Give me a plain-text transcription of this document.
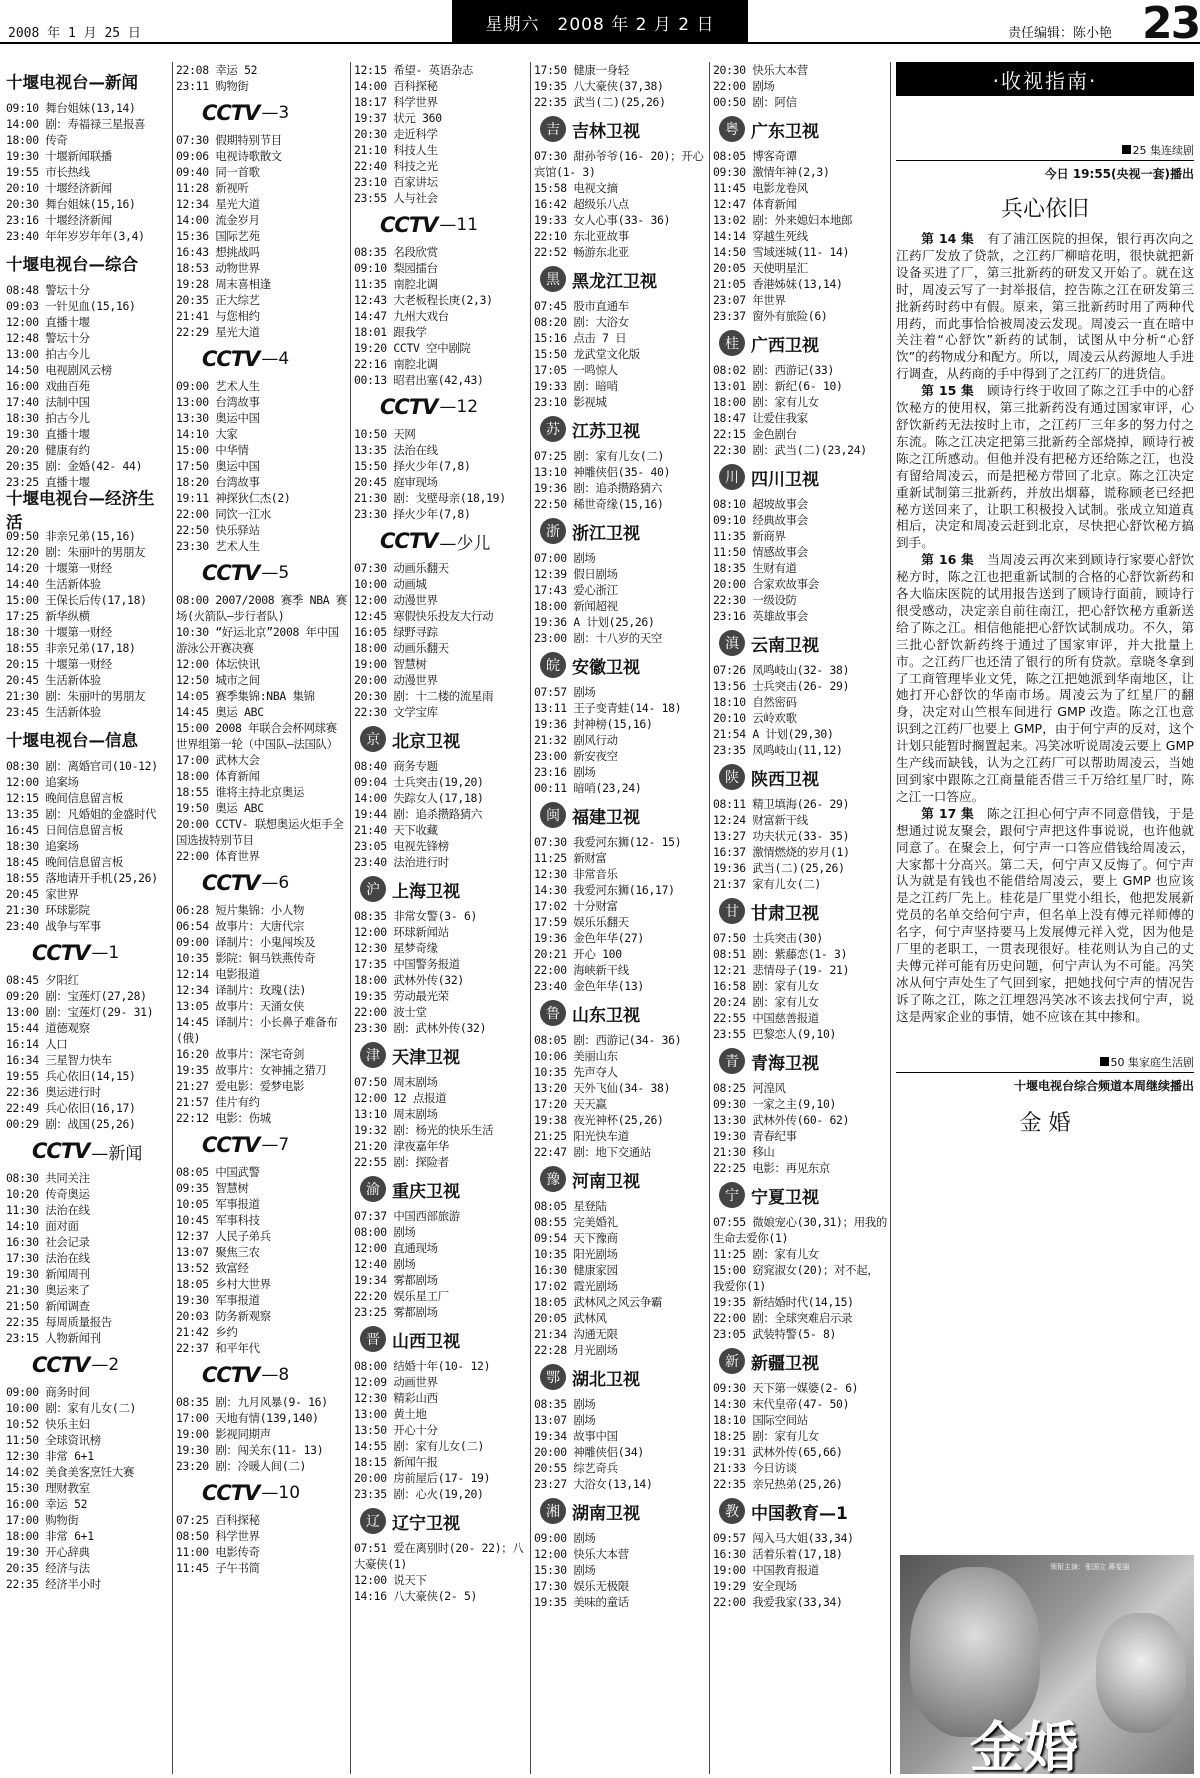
2008 年 1 月 25 日	星期六　2008 年 2 月 2 日	责任编辑：陈小艳 23
十堰电视台—新闻
09:10 舞台姐妹(13,14)
14:00 剧：寿福禄三星报喜
18:00 传奇
19:30 十堰新闻联播
19:55 市长热线
20:10 十堰经济新闻
20:30 舞台姐妹(15,16)
23:16 十堰经济新闻
23:40 年年岁岁年年(3,4)
十堰电视台—综合
08:48 警坛十分
09:03 一针见血(15,16)
12:00 直播十堰
12:48 警坛十分
13:00 拍古今儿
14:50 电视剧风云榜
16:00 戏曲百苑
17:40 法制中国
18:30 拍古今儿
19:30 直播十堰
20:20 健康有约
20:35 剧：金婚(42- 44)
23:25 直播十堰
十堰电视台—经济生活
09:50 非亲兄弟(15,16)
12:20 剧：朱丽叶的男朋友
14:20 十堰第一财经
14:40 生活新体验
15:00 王保长后传(17,18)
17:25 新华纵横
18:30 十堰第一财经
18:55 非亲兄弟(17,18)
20:15 十堰第一财经
20:45 生活新体验
21:30 剧：朱丽叶的男朋友
23:45 生活新体验
十堰电视台—信息
08:30 剧：离婚官司(10-12)
12:00 追案场
12:15 晚间信息留言板
13:35 剧：凡婚姐的金盛时代
16:45 日间信息留言板
18:30 追案场
18:45 晚间信息留言板
18:55 落地请开手机(25,26)
20:45 家世界
21:30 环球影院
23:40 战争与军事
CCTV —1
08:45 夕阳红
09:20 剧：宝莲灯(27,28)
13:00 剧：宝莲灯(29- 31)
15:44 道德观察
16:14 人口
16:34 三星智力快车
19:55 兵心依旧(14,15)
22:36 奥运进行时
22:49 兵心依旧(16,17)
00:29 剧：战国(25,26)
CCTV —新闻
08:30 共同关注
10:20 传奇奥运
11:30 法治在线
14:10 面对面
16:30 社会记录
17:30 法治在线
19:30 新闻周刊
21:30 奥运来了
21:50 新闻调查
22:35 每周质量报告
23:15 人物新闻刊
CCTV —2
09:00 商务时间
10:00 剧：家有儿女(二)
10:52 快乐主妇
11:50 全球资讯榜
12:30 非常 6+1
14:02 美食美客烹饪大赛
15:30 理财教室
16:00 幸运 52
17:00 购物街
18:00 非常 6+1
19:30 开心辞典
20:35 经济与法
22:35 经济半小时
22:08 幸运 52
23:11 购物街
CCTV —3
07:30 假期特别节目
09:06 电视诗歌散文
09:40 同一首歌
11:28 新视听
12:34 星光大道
14:00 流金岁月
15:36 国际艺苑
16:43 想挑战吗
18:53 动物世界
19:28 周末喜相逢
20:35 正大综艺
21:41 与您相约
22:29 星光大道
CCTV —4
09:00 艺术人生
13:00 台湾故事
13:30 奥运中国
14:10 大家
15:00 中华情
17:50 奥运中国
18:20 台湾故事
19:11 神探狄仁杰(2)
22:00 同饮一江水
22:50 快乐驿站
23:30 艺术人生
CCTV —5
08:00 2007/2008 赛季 NBA 赛场(火箭队—步行者队)
10:30 “好运北京”2008 年中国游泳公开赛决赛
12:00 体坛快讯
12:50 城市之间
14:05 赛季集锦:NBA 集锦
14:45 奥运 ABC
15:00 2008 年联合会杯网球赛世界组第一轮（中国队—法国队）
17:00 武林大会
18:00 体育新闻
18:55 谁将主持北京奥运
19:50 奥运 ABC
20:00 CCTV- 联想奥运火炬手全国选拔特别节目
22:00 体育世界
CCTV —6
06:28 短片集锦：小人物
06:54 故事片：大唐代宗
09:00 译制片：小鬼闯埃及
10:35 影院：铜马铁燕传奇
12:14 电影报道
12:34 译制片：玫瑰(法)
13:05 故事片：天涌女侠
14:45 译制片：小长鼻子难备布(俄)
16:20 故事片：深宅奇剑
19:35 故事片：女神捕之猎刀
21:27 爱电影：爱梦电影
21:57 佳片有约
22:12 电影：伤城
CCTV —7
08:05 中国武警
09:35 智慧树
10:05 军事报道
10:45 军事科技
12:37 人民子弟兵
13:07 聚焦三农
13:52 致富经
18:05 乡村大世界
19:30 军事报道
20:03 防务新观察
21:42 乡约
22:37 和平年代
CCTV —8
08:35 剧：九月风暴(9- 16)
17:00 天地有情(139,140)
19:00 影视同期声
19:30 剧：闯关东(11- 13)
23:20 剧：冷暖人间(二)
CCTV —10
07:25 百科探秘
08:50 科学世界
11:00 电影传奇
11:45 子午书简
12:15 希望- 英语杂志
14:00 百科探秘
18:17 科学世界
19:37 状元 360
20:30 走近科学
21:10 科技人生
22:40 科技之光
23:10 百家讲坛
23:55 人与社会
CCTV —11
08:35 名段欣赏
09:10 梨园擂台
11:35 南腔北调
12:43 大老板程长庚(2,3)
14:47 九州大戏台
18:01 跟我学
19:20 CCTV 空中剧院
22:16 南腔北调
00:13 昭君出塞(42,43)
CCTV —12
10:50 天网
13:35 法治在线
15:50 择火少年(7,8)
20:45 庭审现场
21:30 剧：戈壁母亲(18,19)
23:30 择火少年(7,8)
CCTV —少儿
07:30 动画乐翻天
10:00 动画城
12:00 动漫世界
12:45 寒假快乐投友大行动
16:05 绿野寻踪
18:00 动画乐翻天
19:00 智慧树
20:00 动漫世界
20:30 剧：十二楼的流星雨
22:30 文学宝库
京 北京卫视
08:40 商务专题
09:04 士兵突击(19,20)
14:00 失踪女人(17,18)
19:44 剧：追杀攒路猜六
21:40 天下收藏
23:05 电视先锋榜
23:40 法治进行时
沪 上海卫视
08:35 非常女警(3- 6)
12:00 环球新闻站
12:30 星梦奇缘
17:35 中国警务报道
18:00 武林外传(32)
19:35 劳动最光荣
22:00 波士堂
23:30 剧：武林外传(32)
津 天津卫视
07:50 周末剧场
12:00 12 点报道
13:10 周末剧场
19:32 剧：杨光的快乐生活
21:20 津夜嘉年华
22:55 剧：探险者
渝 重庆卫视
07:37 中国西部旅游
08:00 剧场
12:00 直通现场
12:40 剧场
19:34 雾都剧场
22:20 娱乐星工厂
23:25 雾都剧场
晋 山西卫视
08:00 结婚十年(10- 12)
12:09 动画世界
12:30 精彩山西
13:00 黄土地
13:50 开心十分
14:55 剧：家有儿女(二)
18:15 新闻午报
20:00 房前屋后(17- 19)
23:35 剧：心火(19,20)
辽 辽宁卫视
07:51 爱在离别时(20- 22)；八大豪侠(1)
12:00 说天下
14:16 八大豪侠(2- 5)
17:50 健康一身轻
19:35 八大豪侠(37,38)
22:35 武当(二)(25,26)
吉 吉林卫视
07:30 甜孙爷爷(16- 20)；开心宾馆(1- 3)
15:58 电视文摘
16:42 超级乐八点
19:33 女人心事(33- 36)
22:10 东北亚故事
22:52 畅游东北亚
黑 黑龙江卫视
07:45 股市直通车
08:20 剧：大浴女
15:16 点击 7 日
15:50 龙武堂文化版
17:05 一鸣惊人
19:33 剧：暗哨
23:10 影视城
苏 江苏卫视
07:25 剧：家有儿女(二)
13:10 神雕侠侣(35- 40)
19:36 剧：追杀攒路猜六
22:50 稀世奇缘(15,16)
浙 浙江卫视
07:00 剧场
12:39 假日剧场
17:43 爱心浙江
18:00 新闻超视
19:36 A 计划(25,26)
23:00 剧：十八岁的天空
皖 安徽卫视
07:57 剧场
13:11 王子变青蛙(14- 18)
19:36 封神榜(15,16)
21:32 剧风行动
23:00 新安夜空
23:16 剧场
00:11 暗哨(23,24)
闽 福建卫视
07:30 我爱河东狮(12- 15)
11:25 新财富
12:30 非常音乐
14:30 我爱河东狮(16,17)
17:02 十分财富
17:59 娱乐乐翻天
19:36 金色年华(27)
20:21 开心 100
22:00 海峡新干线
23:40 金色年华(13)
鲁 山东卫视
08:05 剧：西游记(34- 36)
10:06 美丽山东
10:35 先声夺人
13:20 天外飞仙(34- 38)
17:20 天天赢
19:38 夜光神杯(25,26)
21:25 阳光快车道
22:47 剧：地下交通站
豫 河南卫视
08:05 星登陆
08:55 完美婚礼
09:54 天下豫商
10:35 阳光剧场
16:30 健康家园
17:02 霞光剧场
18:05 武林风之风云争霸
20:05 武林风
21:34 沟通无限
22:28 月光剧场
鄂 湖北卫视
08:35 剧场
13:07 剧场
19:34 故事中国
20:00 神雕侠侣(34)
20:55 综艺奇兵
23:27 大浴女(13,14)
湘 湖南卫视
09:00 剧场
12:00 快乐大本营
15:30 剧场
17:30 娱乐无极限
19:35 美味的童话
20:30 快乐大本营
22:00 剧场
00:50 剧：阿信
粤 广东卫视
08:05 博客奇谭
09:30 激情年神(2,3)
11:45 电影龙卷风
12:47 体育新闻
13:02 剧：外来媳妇本地郎
14:14 穿越生死线
14:50 雪域迷城(11- 14)
20:05 天使明星汇
21:05 香港姊妹(13,14)
23:07 年世界
23:37 窗外有旅险(6)
桂 广西卫视
08:02 剧：西游记(33)
13:01 剧：新纪(6- 10)
18:00 剧：家有儿女
18:47 让爱住我家
22:15 金色剧台
22:30 剧：武当(二)(23,24)
川 四川卫视
08:10 超坡故事会
09:10 经典故事会
11:35 新商界
11:50 情感故事会
18:35 生财有道
20:00 合家欢故事会
22:30 一级设防
23:16 英雄故事会
滇 云南卫视
07:26 凤鸣岐山(32- 38)
13:56 士兵突击(26- 29)
18:10 自然密码
20:10 云岭欢歌
21:54 A 计划(29,30)
23:35 凤鸣岐山(11,12)
陕 陕西卫视
08:11 精卫填海(26- 29)
12:24 财富新干线
13:27 功夫状元(33- 35)
16:37 激情燃烧的岁月(1)
19:36 武当(二)(25,26)
21:37 家有儿女(二)
甘 甘肃卫视
07:50 士兵突击(30)
08:51 剧：紫藤恋(1- 3)
12:21 悲情母子(19- 21)
16:58 剧：家有儿女
20:24 剧：家有儿女
22:55 中国慈善报道
23:55 巴黎恋人(9,10)
青 青海卫视
08:25 河湟风
09:30 一家之主(9,10)
13:30 武林外传(60- 62)
19:30 青春纪事
21:30 移山
22:25 电影：再见东京
宁 宁夏卫视
07:55 微娘宠心(30,31)；用我的生命去爱你(1)
11:25 剧：家有儿女
15:00 窈窕淑女(20)；对不起，我爱你(1)
19:35 新结婚时代(14,15)
22:00 剧：全球突难启示录
23:05 武装特警(5- 8)
新 新疆卫视
09:30 天下第一媒婆(2- 6)
14:30 末代皇帝(47- 50)
18:10 国际空间站
18:25 剧：家有儿女
19:31 武林外传(65,66)
21:33 今日访谈
22:35 亲兄热弟(25,26)
教 中国教育—1
09:57 闯入马大姐(33,34)
16:30 活着乐着(17,18)
19:00 中国教育报道
19:29 安全现场
22:00 我爱我家(33,34)
·收视指南·
25 集连续剧
今日 19:55(央视一套)播出
兵心依旧
第 14 集　 有了浦江医院的担保，银行再次向之江药厂发放了贷款，之江药厂柳暗花明，很快就把新设备买进了厂，第三批新药的研发又开始了。就在这时，周凌云写了一封举报信，控告陈之江在研发第三批新药时药中有假。原来，第三批新药时用了两种代用药，而此事恰恰被周凌云发现。周凌云一直在暗中关注着“心舒饮”新药的试制，试图从中分析“心舒饮”的药物成分和配方。所以，周凌云从药源地人手进行调查，从药商的手中得到了之江药厂的进货信。
第 15 集　 顾诗行终于收回了陈之江手中的心舒饮秘方的使用权，第三批新药没有通过国家审评，心舒饮新药无法按时上市，之江药厂三年多的努力付之东流。陈之江决定把第三批新药全部烧掉，顾诗行被陈之江所感动。但他并没有把秘方还给陈之江，也没有留给周凌云，而是把秘方带回了北京。陈之江决定重新试制第三批新药，并放出烟幕，谎称顾老已经把秘方送回来了，让职工积极投入试制。张成立知道真相后，决定和周凌云赶到北京，尽快把心舒饮秘方搞到手。
第 16 集　 当周凌云再次来到顾诗行家要心舒饮秘方时，陈之江也把重新试制的合格的心舒饮新药和各大临床医院的试用报告送到了顾诗行面前，顾诗行很受感动，决定亲自前往南江，把心舒饮秘方重新送给了陈之江。相信他能把心舒饮试制成功。不久，第三批心舒饮新药终于通过了国家审评，并大批量上市。之江药厂也还清了银行的所有贷款。章晓冬拿到了工商管理毕业文凭，陈之江把她派到华南地区，让她打开心舒饮的华南市场。周凌云为了红星厂的翻身，决定对山竺根车间进行 GMP 改造。陈之江也意识到之江药厂也要上 GMP，由于何宁声的反对，这个计划只能暂时搁置起来。冯笑冰听说周凌云要上 GMP 生产线而缺钱，认为之江药厂可以帮助周凌云，当她回到家中跟陈之江商量能否借三千万给红星厂时，陈之江一口答应。
第 17 集　 陈之江担心何宁声不同意借钱，于是想通过说友聚会，跟何宁声把这件事说说，也许他就同意了。在聚会上，何宁声一口答应借钱给周凌云，大家都十分高兴。第二天，何宁声又反悔了。何宁声认为就是有钱也不能借给周凌云，要上 GMP 也应该是之江药厂先上。桂花是厂里党小组长，他把发展新党员的名单交给何宁声，但名单上没有傅元祥师傅的名字，何宁声坚持要马上发展傅元祥入党，因为他是厂里的老职工，一贯表现很好。桂花则认为自己的丈夫傅元祥可能有历史问题，何宁声认为不可能。冯笑冰从何宁声处生了气回到家，把她找何宁声的情况告诉了陈之江，陈之江埋怨冯笑冰不该去找何宁声，说这是两家企业的事情，她不应该在其中掺和。
50 集家庭生活剧
十堰电视台综合频道本周继续播出
金 婚
领衔主演：张国立 蒋雯丽
金婚
